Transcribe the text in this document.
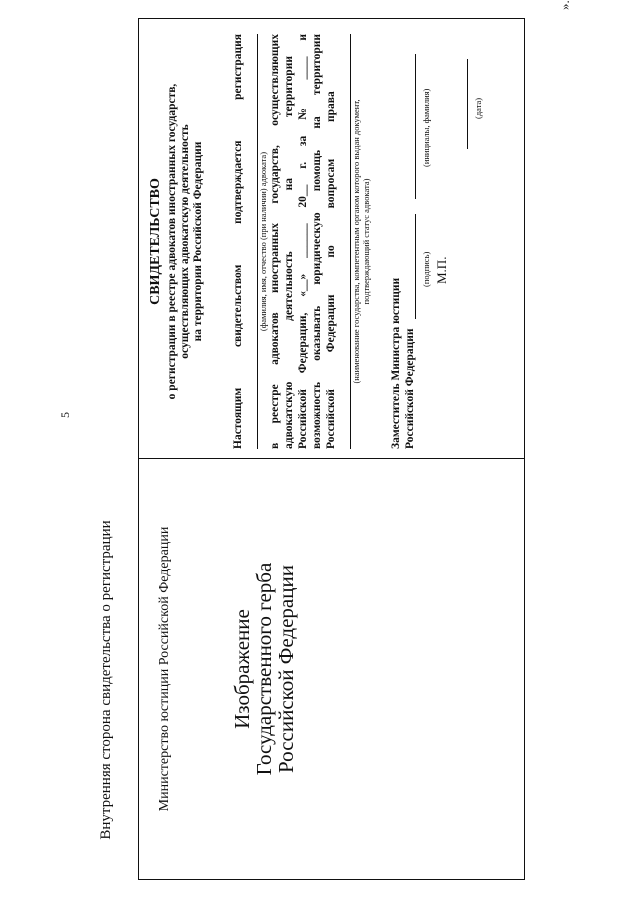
5
».
Внутренняя сторона свидетельства о регистрации	Министерство юстиции Российской Федерации	Изображение
Государственного герба
Российской Федерации
СВИДЕТЕЛЬСТВО о регистрации в реестре адвокатов иностранных государств, осуществляющих адвокатскую деятельность на территории Российской Федерации Настоящим свидетельством подтверждается регистрация (фамилия, имя, отчество (при наличии) адвоката) в реестре адвокатов иностранных государств, осуществляющих адвокатскую деятельность на территории Российской Федерации, «__» ______ 20__ г. за № ____ и возможность оказывать юридическую помощь на территории Российской Федерации по вопросам права (наименование государства, компетентным органом которого выдан документ, подтверждающий статус адвоката)
Заместитель Министра юстиции Российской Федерации
(подпись)
(инициалы, фамилия)
М.П.
(дата)
